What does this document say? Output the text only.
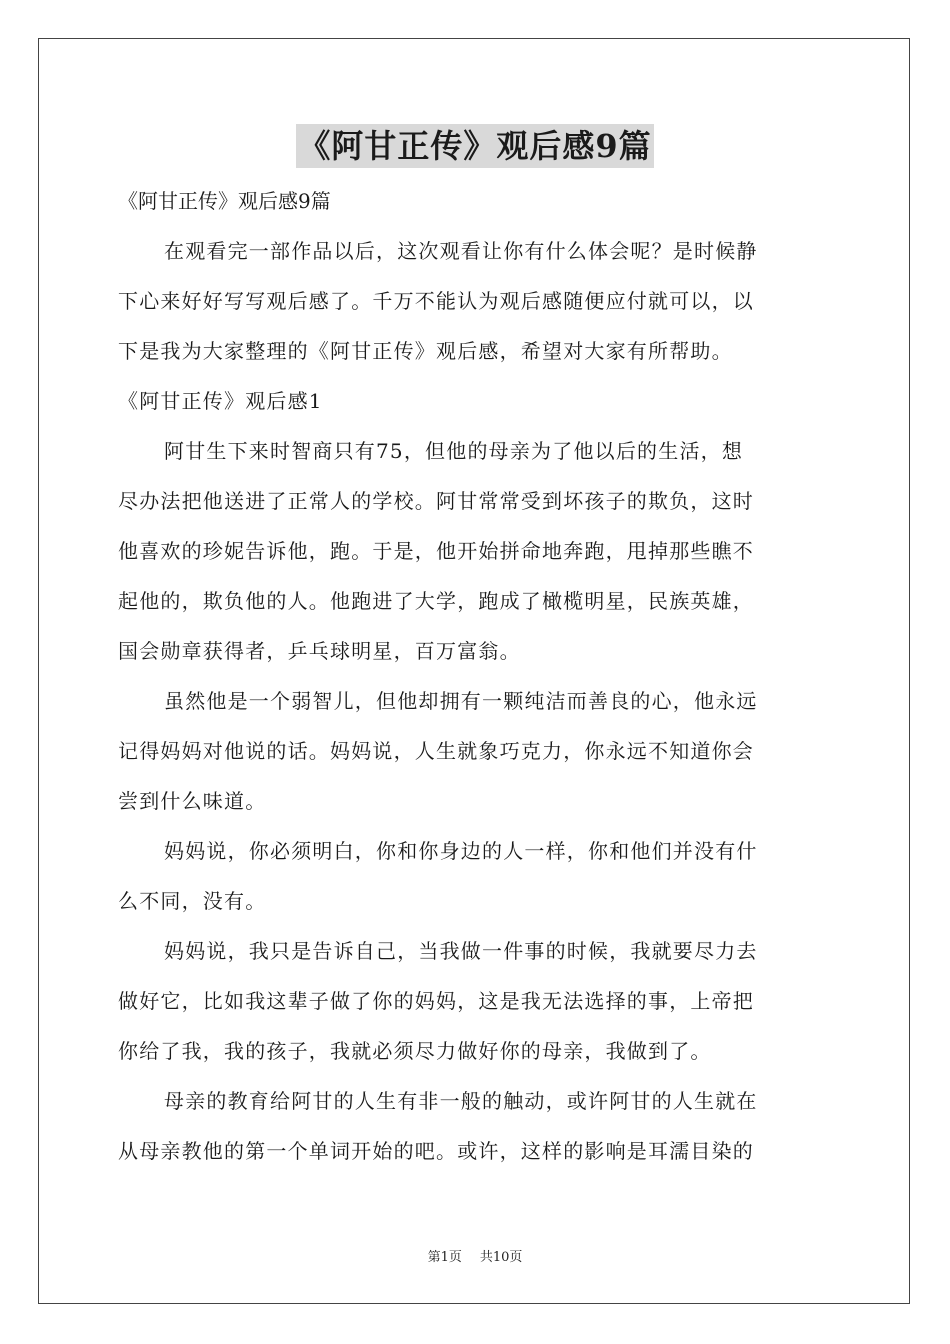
《阿甘正传》观后感9篇
《阿甘正传》观后感9篇
在观看完一部作品以后，这次观看让你有什么体会呢？是时候静
下心来好好写写观后感了。千万不能认为观后感随便应付就可以，以
下是我为大家整理的《阿甘正传》观后感，希望对大家有所帮助。
《阿甘正传》观后感1
阿甘生下来时智商只有75，但他的母亲为了他以后的生活，想
尽办法把他送进了正常人的学校。阿甘常常受到坏孩子的欺负，这时
他喜欢的珍妮告诉他，跑。于是，他开始拼命地奔跑，甩掉那些瞧不
起他的，欺负他的人。他跑进了大学，跑成了橄榄明星，民族英雄，
国会勋章获得者，乒乓球明星，百万富翁。
虽然他是一个弱智儿，但他却拥有一颗纯洁而善良的心，他永远
记得妈妈对他说的话。妈妈说，人生就象巧克力，你永远不知道你会
尝到什么味道。
妈妈说，你必须明白，你和你身边的人一样，你和他们并没有什
么不同，没有。
妈妈说，我只是告诉自己，当我做一件事的时候，我就要尽力去
做好它，比如我这辈子做了你的妈妈，这是我无法选择的事，上帝把
你给了我，我的孩子，我就必须尽力做好你的母亲，我做到了。
母亲的教育给阿甘的人生有非一般的触动，或许阿甘的人生就在
从母亲教他的第一个单词开始的吧。或许，这样的影响是耳濡目染的
第1页 共10页
